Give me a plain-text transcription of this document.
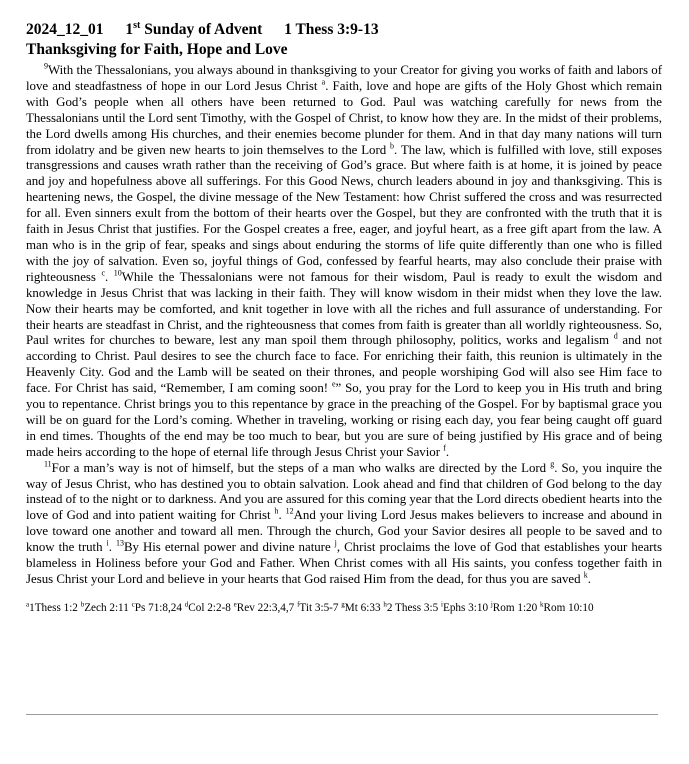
2024_12_01 1st Sunday of Advent 1 Thess 3:9-13
Thanksgiving for Faith, Hope and Love

$^9$With the Thessalonians, you always abound in thanksgiving to your Creator for giving you works of faith and labors of love and steadfastness of hope in our Lord Jesus Christ $^a$. Faith, love and hope are gifts of the Holy Ghost which remain with God’s people when all others have been returned to God. Paul was watching carefully for news from the Thessalonians until the Lord sent Timothy, with the Gospel of Christ, to know how they are. In the midst of their problems, the Lord dwells among His churches, and their enemies become plunder for them. And in that day many nations will turn from idolatry and be given new hearts to join themselves to the Lord $^b$. The law, which is fulfilled with love, still exposes transgressions and causes wrath rather than the receiving of God’s grace. But where faith is at home, it is joined by peace and joy and hopefulness above all sufferings. For this Good News, church leaders abound in joy and thanksgiving. This is heartening news, the Gospel, the divine message of the New Testament: how Christ suffered the cross and was resurrected for all. Even sinners exult from the bottom of their hearts over the Gospel, but they are confronted with the truth that it is faith in Jesus Christ that justifies. For the Gospel creates a free, eager, and joyful heart, as a free gift apart from the law. A man who is in the grip of fear, speaks and sings about enduring the storms of life quite differently than one who is filled with the joy of salvation. Even so, joyful things of God, confessed by fearful hearts, may also conclude their praise with righteousness $^c$. $^{10}$While the Thessalonians were not famous for their wisdom, Paul is ready to exult the wisdom and knowledge in Jesus Christ that was lacking in their faith. They will know wisdom in their midst when they love the law. Now their hearts may be comforted, and knit together in love with all the riches and full assurance of understanding. For their hearts are steadfast in Christ, and the righteousness that comes from faith is greater than all worldly righteousness. So, Paul writes for churches to beware, lest any man spoil them through philosophy, politics, works and legalism $^d$ and not according to Christ. Paul desires to see the church face to face. For enriching their faith, this reunion is ultimately in the Heavenly City. God and the Lamb will be seated on their thrones, and people worshiping God will also see Him face to face. For Christ has said, “Remember, I am coming soon! $^e$” So, you pray for the Lord to keep you in His truth and bring you to repentance. Christ brings you to this repentance by grace in the preaching of the Gospel. For by baptismal grace you will be on guard for the Lord’s coming. Whether in traveling, working or rising each day, you fear being caught off guard in end times. Thoughts of the end may be too much to bear, but you are sure of being justified by His grace and of being made heirs according to the hope of eternal life through Jesus Christ your Savior $^f$.

$^{11}$For a man’s way is not of himself, but the steps of a man who walks are directed by the Lord $^g$. So, you inquire the way of Jesus Christ, who has destined you to obtain salvation. Look ahead and find that children of God belong to the day instead of to the night or to darkness. And you are assured for this coming year that the Lord directs obedient hearts into the love of God and into patient waiting for Christ $^h$. $^{12}$And your living Lord Jesus makes believers to increase and abound in love toward one another and toward all men. Through the church, God your Savior desires all people to be saved and to know the truth $^i$. $^{13}$By His eternal power and divine nature $^j$, Christ proclaims the love of God that establishes your hearts blameless in Holiness before your God and Father. When Christ comes with all His saints, you confess together faith in Jesus Christ your Lord and believe in your hearts that God raised Him from the dead, for thus you are saved $^k$.

$^a$1Thess 1:2 $^b$Zech 2:11 $^c$Ps 71:8,24 $^d$Col 2:2-8 $^e$Rev 22:3,4,7 $^f$Tit 3:5-7 $^g$Mt 6:33 $^h$2 Thess 3:5 $^i$Ephs 3:10 $^j$Rom 1:20 $^k$Rom 10:10
